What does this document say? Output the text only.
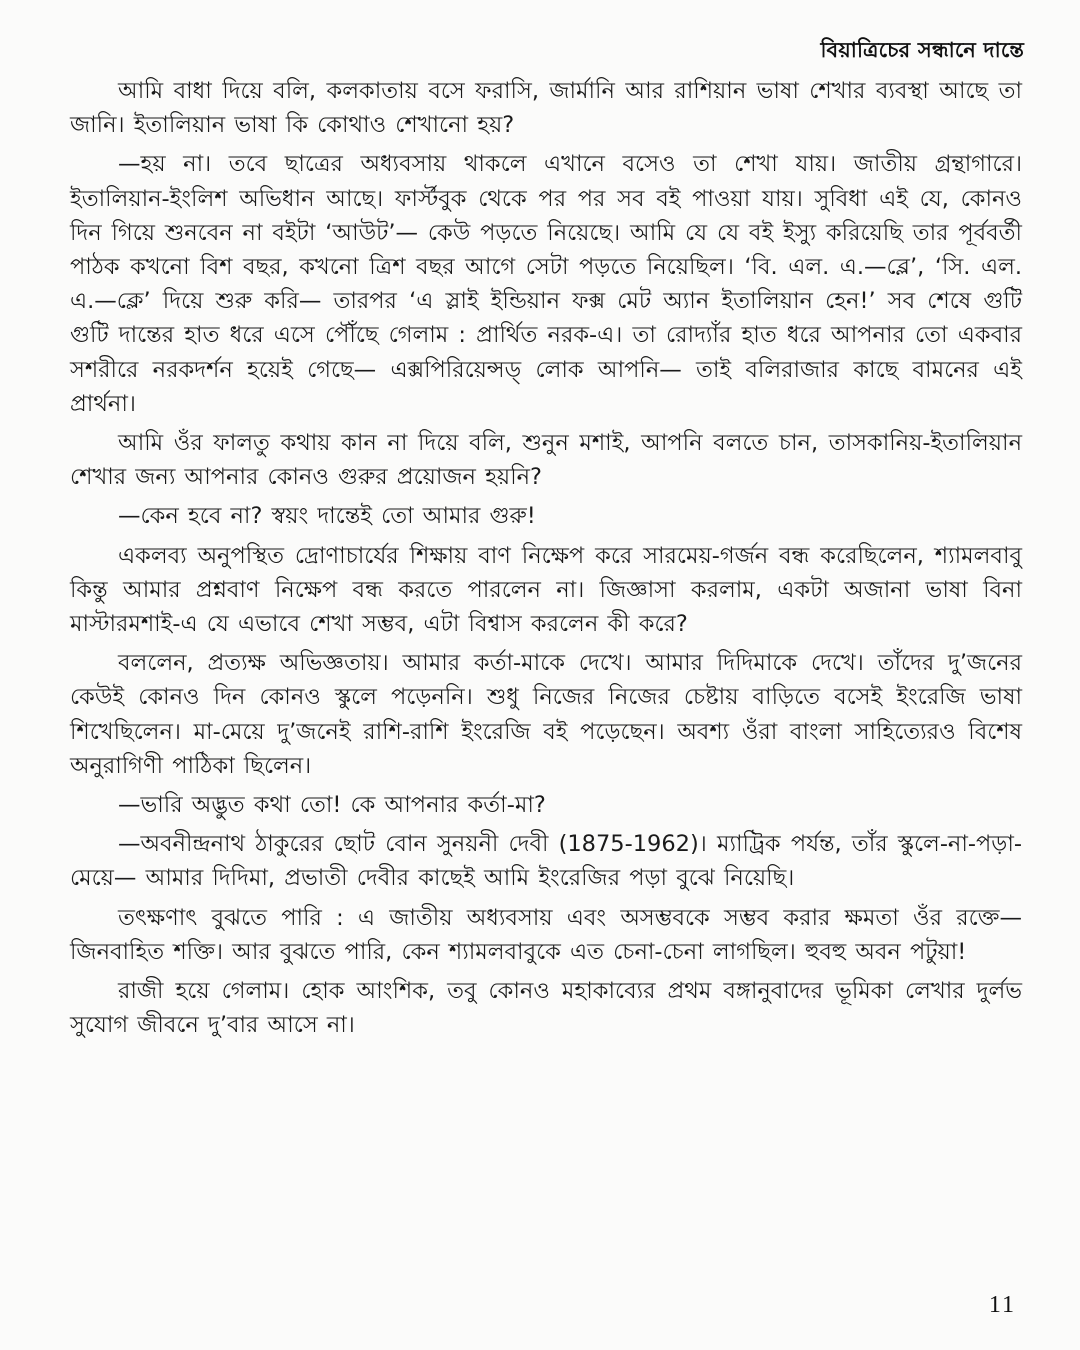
বিয়াত্রিচের সন্ধানে দান্তে

আমি বাধা দিয়ে বলি, কলকাতায় বসে ফরাসি, জার্মানি আর রাশিয়ান ভাষা শেখার ব্যবস্থা আছে তা জানি। ইতালিয়ান ভাষা কি কোথাও শেখানো হয়?

—হয় না। তবে ছাত্রের অধ্যবসায় থাকলে এখানে বসেও তা শেখা যায়। জাতীয় গ্রন্থাগারে। ইতালিয়ান-ইংলিশ অভিধান আছে। ফার্স্টবুক থেকে পর পর সব বই পাওয়া যায়। সুবিধা এই যে, কোনও দিন গিয়ে শুনবেন না বইটা ‘আউট’— কেউ পড়তে নিয়েছে। আমি যে যে বই ইস্যু করিয়েছি তার পূর্ববর্তী পাঠক কখনো বিশ বছর, কখনো ত্রিশ বছর আগে সেটা পড়তে নিয়েছিল। ‘বি. এল. এ.—ব্লে’, ‘সি. এল. এ.—ক্লে’ দিয়ে শুরু করি— তারপর ‘এ স্লাই ইন্ডিয়ান ফক্স মেট অ্যান ইতালিয়ান হেন!’ সব শেষে গুটি গুটি দান্তের হাত ধরে এসে পৌঁছে গেলাম : প্রার্থিত নরক-এ। তা রোদ্যাঁর হাত ধরে আপনার তো একবার সশরীরে নরকদর্শন হয়েই গেছে— এক্সপিরিয়েন্সড্ লোক আপনি— তাই বলিরাজার কাছে বামনের এই প্রার্থনা।

আমি ওঁর ফালতু কথায় কান না দিয়ে বলি, শুনুন মশাই, আপনি বলতে চান, তাসকানিয়-ইতালিয়ান শেখার জন্য আপনার কোনও গুরুর প্রয়োজন হয়নি?

—কেন হবে না? স্বয়ং দান্তেই তো আমার গুরু!

একলব্য অনুপস্থিত দ্রোণাচার্যের শিক্ষায় বাণ নিক্ষেপ করে সারমেয়-গর্জন বন্ধ করেছিলেন, শ্যামলবাবু কিন্তু আমার প্রশ্নবাণ নিক্ষেপ বন্ধ করতে পারলেন না। জিজ্ঞাসা করলাম, একটা অজানা ভাষা বিনা মাস্টারমশাই-এ যে এভাবে শেখা সম্ভব, এটা বিশ্বাস করলেন কী করে?

বললেন, প্রত্যক্ষ অভিজ্ঞতায়। আমার কর্তা-মাকে দেখে। আমার দিদিমাকে দেখে। তাঁদের দু’জনের কেউই কোনও দিন কোনও স্কুলে পড়েননি। শুধু নিজের নিজের চেষ্টায় বাড়িতে বসেই ইংরেজি ভাষা শিখেছিলেন। মা-মেয়ে দু’জনেই রাশি-রাশি ইংরেজি বই পড়েছেন। অবশ্য ওঁরা বাংলা সাহিত্যেরও বিশেষ অনুরাগিণী পাঠিকা ছিলেন।

—ভারি অদ্ভুত কথা তো! কে আপনার কর্তা-মা?

—অবনীন্দ্রনাথ ঠাকুরের ছোট বোন সুনয়নী দেবী (1875-1962)। ম্যাট্রিক পর্যন্ত, তাঁর স্কুলে-না-পড়া-মেয়ে— আমার দিদিমা, প্রভাতী দেবীর কাছেই আমি ইংরেজির পড়া বুঝে নিয়েছি।

তৎক্ষণাৎ বুঝতে পারি : এ জাতীয় অধ্যবসায় এবং অসম্ভবকে সম্ভব করার ক্ষমতা ওঁর রক্তে— জিনবাহিত শক্তি। আর বুঝতে পারি, কেন শ্যামলবাবুকে এত চেনা-চেনা লাগছিল। হুবহু অবন পটুয়া!

রাজী হয়ে গেলাম। হোক আংশিক, তবু কোনও মহাকাব্যের প্রথম বঙ্গানুবাদের ভূমিকা লেখার দুর্লভ সুযোগ জীবনে দু’বার আসে না।

11
